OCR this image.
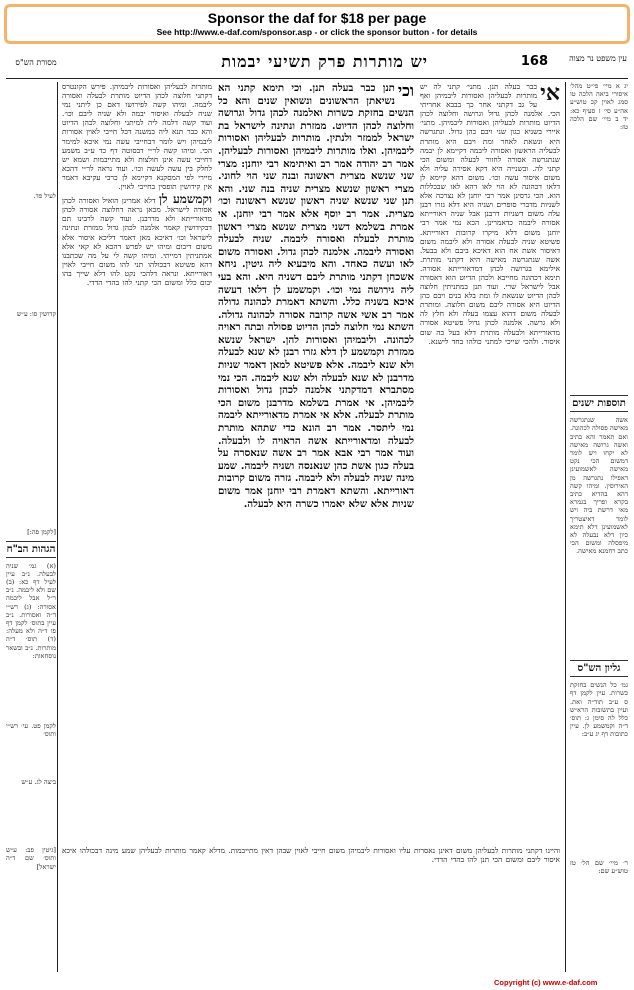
Sponsor the daf for $18 per page
See http://www.e-daf.com/sponsor.asp - or click the sponsor button - for details
עין משפט נר מצוה
168
יש מותרות פרק תשיעי יבמות
מסורת הש"ס
יג א מיי׳ פי״ט מהל׳ איסורי ביאה הלכה טו סמג לאוין קכ טוש״ע אה״ע סי׳ ז סעיף כא: יד ב מיי׳ שם הלכה טז:
תוספות ישנים
אשה שנתגרשה מאישה פסולה לכהונה. ואם תאמר והא כתיב ואשה גרושה מאישה לא יקחו ויש לומר דמשום הכי נקט מאישה לאשמועינן דאפילו נתגרשה מן האירוסין. ומיהו קשה דהא בהדיא כתיב בקרא ופריך בגמרא מאי דרשת ביה ויש לומר דאיצטריך לאשמועינן דלא תימא כיון דלא נבעלה לא מיפסלה ומשום הכי כתב רחמנא מאישה.
גליון הש"ס
גמ׳ כל הנשים בחזקת כשרות. עיין לקמן דף ס ע״ב תוד״ה ואת. ועיין בתשובות הרא״ש כלל לה סימן ג: תוס׳ ד״ה וקמשמע לן. עיין כתובות דף יג ע״ב:
ר׳ מיי׳ שם הל׳ טז טוש״ע שם:
אי
כבר בעלה תנן. מתני׳ קתני לה יש מותרות לבעליהן ואסורות ליבמיהן ואף על גב דקתני אחר כך בבבא אחריתי הכי. אלמנה לכהן גדול וגרושה וחלוצה לכהן הדיוט מותרות לבעליהן ואסורות ליבמיהן. מתני׳ איירי בשניא כגון שני ויבם כהן גדול. ונתגרשה היא ונשאת לאחר ומת ויבם היא מותרת לבעליה הראשון ואסורה ליבמה דקיימא לן יבמה שנתגרשה אסורה לחזור לבעלה ומשום הכי קתני לה. ובשנייה היא דקא אסירה עליה ולא משום איסור עשה וכו׳. משום דהא קיימא לן דלאו דכהונה לא הוי לאו דהא לאו שבכללות הוא. הכי גרסינן אמר רבי יוחנן לא נצרכה אלא לשניות מדברי סופרים ושניה היא דלא גזרו רבנן עלה משום דשניות דרבנן אבל שניה דאורייתא אסורה ליבמה כדאמרינן. הכא נמי אמר רבי יוחנן משום דלא מיקרו קרובות דאורייתא. פשיטא שניה לבעלה אסורה ולא ליבמה משום דאיסור אשת אח הוא דאיכא ביבם ולא בבעל. אשה שנתגרשה מאישה היא דקתני מותרת. אילימא בגרושה לכהן דמדאורייתא אסורה. תימא דכהונה מחייבא ולכהן הדיוט הוא דאסורה אבל לישראל שרי. ועוד תנן במתניתין חלוצה לכהן הדיוט שנשאת לו ומת בלא בנים ויבם כהן הדיוט היא אסורה ליבם משום חלוצה. ומותרת לבעלה משום דהוא עצמו בעלה ולא חלץ לה ולא גרשה. אלמנה לכהן גדול פשיטא אסורה מדאורייתא ולבעלה מותרת דלא בעל בה שום איסור. ולהכי שייכי למתני כולהו בחד לישנא.
וכי
תנן כבר בעלה תנן. וכי תימא קתני הא נשיאתן הראשונים ונשואין שנים והא כל הנשים בחזקת כשרות ואלמנה לכהן גדול וגרושה וחלוצה לכהן הדיוט. ממזרת ונתינה לישראל בת ישראל לממזר ולנתין. מותרות לבעליהן ואסורות ליבמיהן. ואלו מותרות ליבמיהן ואסורות לבעליהן. אמר רב יהודה אמר רב ואיתימא רבי יוחנן: מצרי שני שנשא מצרית ראשונה ובנה שני הוי לחוני. מצרי ראשון שנשא מצרית שניה בנה שני. והא תנן שני שנשא שניה ראשון שנשא ראשונה וכו׳ מצרית. אמר רב יוסף אלא אמר רבי יוחנן. אי אמרת בשלמא דשני מצרית שנשא מצרי ראשון מותרת לבעלה ואסורה ליבמה. שניה לבעלה ואסורה ליבמה. אלמנה לכהן גדול. ואסורה משום לאו ועשה כאחד. והא מיבעיא ליה גיטין. ניחא אשכחן דקתני מותרת ליבם דשניה היא. והא בעי ליה גירושה נמי וכו׳. וקמשמע לן דלאו דעשה איכא בשניה כלל. והשתא דאמרת לכהונה גדולה אמר רב אשי אשה קרובה אסורה לכהונה גדולה. השתא נמי חלוצה לכהן הדיוט פסולה ובתה ראויה לכהונה. וליבמיהן ואסורות להן. ישראל שנשא ממזרת וקמשמע לן דלא גזרו רבנן לא שנא לבעלה ולא שנא ליבמה. אלא פשיטא למאן דאמר שניות מדרבנן לא שנא לבעלה ולא שנא ליבמה. הכי נמי מסתברא דמדקתני אלמנה לכהן גדול ואסורות ליבמיהן. אי אמרת בשלמא מדרבנן משום הכי מותרת לבעלה. אלא אי אמרת מדאורייתא ליבמה נמי ליתסר. אמר רב הונא כדי שתהא מותרת לבעלה ומדאורייתא אשה הראויה לו ולבעלה. ועוד אמר רבי אבא אמר רב אשה שנאסרה על בעלה כגון אשת כהן שנאנסה ושניה ליבמה. שמע מינה שניה לבעלה ולא ליבמה. גזרה משום קרובות דאורייתא. והשתא דאמרת רבי יוחנן אמר משום שניות אלא שלא יאמרו כשרה היא לבעלה.
מותרות לבעליהן ואסורות ליבמיהן. פירש הקונטרס דקתני חלוצה לכהן הדיוט מותרת לבעלה ואסורה ליבמה. ומיהו קשה לפירושו דאם כן ליתני נמי שניה לבעלה ואיסור יבמה ולא שניה ליבם וכו׳. ועוד קשה דלמה ליה למיתני וחלוצה לכהן הדיוט והא כבר תנא ליה במשנה דכל חייבי לאוין אסורות ליבמיהן ויש לומר דבחייבי עשה נמי איכא למימר הכי. ומיהו קשה לר״י דבסוטה דף כד ע״ב משמע דחייבי עשה אינן חולצות ולא מתייבמות ושמא יש לחלק בין עשה לעשה וכו׳. ועוד נראה לר״י דהכא מיירי לפי המסקנא דקיימא לן כרבי עקיבא דאמר אין קידושין תופסין בחייבי לאוין.
וקמשמע לן דלא אמרינן הואיל ואסורה לכהן אסורה לישראל. מכאן נראה דחלוצה אסורה לכהן מדאורייתא ולא מדרבנן. ועוד קשה לרבינו תם דבקידושין קאמר אלמנה לכהן גדול ממזרת ונתינה לישראל וכו׳ דאיכא מאן דאמר דליכא איסור אלא משום דיבום ומיהו יש לפרש דהכא לא קאי אלא אמתניתין דמייתי. ומיהו קשה לי על מה שכתבנו דהא פשיטא דבכולהו תני להו משום חייבי לאוין דאורייתא. ונראה דלהכי נקט להו דלא שייך בהו יבום כלל ומשום הכי קתני להו בהדי הדדי.
לעיל פד.
קדושין סו: ע״ש
[לקמן פה:]
הגהות הב"ח
(א) גמ׳ שניה לבעלה. נ״ב עיין לעיל דף כא: (ב) שם ולא ליבמה. נ״ב ר״ל אבל ליבמה אסורה: (ג) רש״י ד״ה ואסורות. נ״ב עיין בתוס׳ לקמן דף פו ד״ה ולא מעלה: (ד) תוס׳ ד״ה מותרות. נ״ב ובשאר נוסחאות:
לקמן פט. עי׳ רש״י ותוס׳
ביצה לג. ע״ש
[גיטין פב: ע״ש ותוס׳ שם ד״ה ישראל]
והיינו דקתני מותרות לבעליהן משום דאינן נאסרות עליו ואסורות ליבמיהן משום חייבי לאוין שבהן דאין מתייבמות. מדלא קאמר מותרות לבעליהן שמע מינה דבכולהו איכא איסור ליבם ומשום הכי תנן להו בהדי הדדי.
Copyright (c) www.e-daf.com
